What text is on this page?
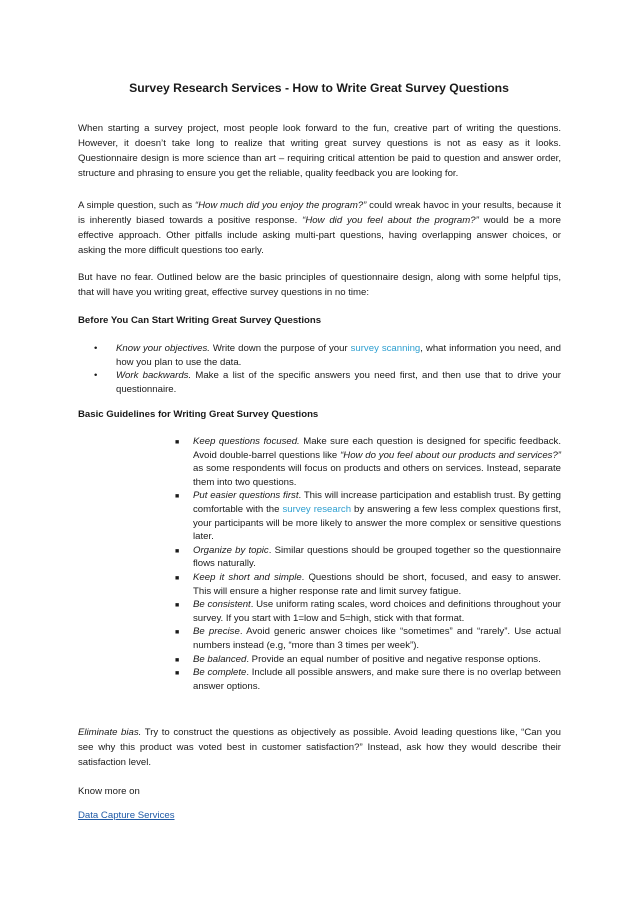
Survey Research Services - How to Write Great Survey Questions

When starting a survey project, most people look forward to the fun, creative part of writing the questions. However, it doesn’t take long to realize that writing great survey questions is not as easy as it looks. Questionnaire design is more science than art – requiring critical attention be paid to question and answer order, structure and phrasing to ensure you get the reliable, quality feedback you are looking for.

A simple question, such as “How much did you enjoy the program?” could wreak havoc in your results, because it is inherently biased towards a positive response. “How did you feel about the program?” would be a more effective approach. Other pitfalls include asking multi-part questions, having overlapping answer choices, or asking the more difficult questions too early.

But have no fear. Outlined below are the basic principles of questionnaire design, along with some helpful tips, that will have you writing great, effective survey questions in no time:

Before You Can Start Writing Great Survey Questions
• Know your objectives. Write down the purpose of your survey scanning, what information you need, and how you plan to use the data.
• Work backwards. Make a list of the specific answers you need first, and then use that to drive your questionnaire.
Basic Guidelines for Writing Great Survey Questions
■ Keep questions focused. Make sure each question is designed for specific feedback. Avoid double-barrel questions like “How do you feel about our products and services?” as some respondents will focus on products and others on services. Instead, separate them into two questions.
■ Put easier questions first. This will increase participation and establish trust. By getting comfortable with the survey research by answering a few less complex questions first, your participants will be more likely to answer the more complex or sensitive questions later.
■ Organize by topic. Similar questions should be grouped together so the questionnaire flows naturally.
■ Keep it short and simple. Questions should be short, focused, and easy to answer. This will ensure a higher response rate and limit survey fatigue.
■ Be consistent. Use uniform rating scales, word choices and definitions throughout your survey. If you start with 1=low and 5=high, stick with that format.
■ Be precise. Avoid generic answer choices like “sometimes” and “rarely”. Use actual numbers instead (e.g, “more than 3 times per week”).
■ Be balanced. Provide an equal number of positive and negative response options.
■ Be complete. Include all possible answers, and make sure there is no overlap between answer options.

Eliminate bias. Try to construct the questions as objectively as possible. Avoid leading questions like, “Can you see why this product was voted best in customer satisfaction?” Instead, ask how they would describe their satisfaction level.

Know more on

Data Capture Services
